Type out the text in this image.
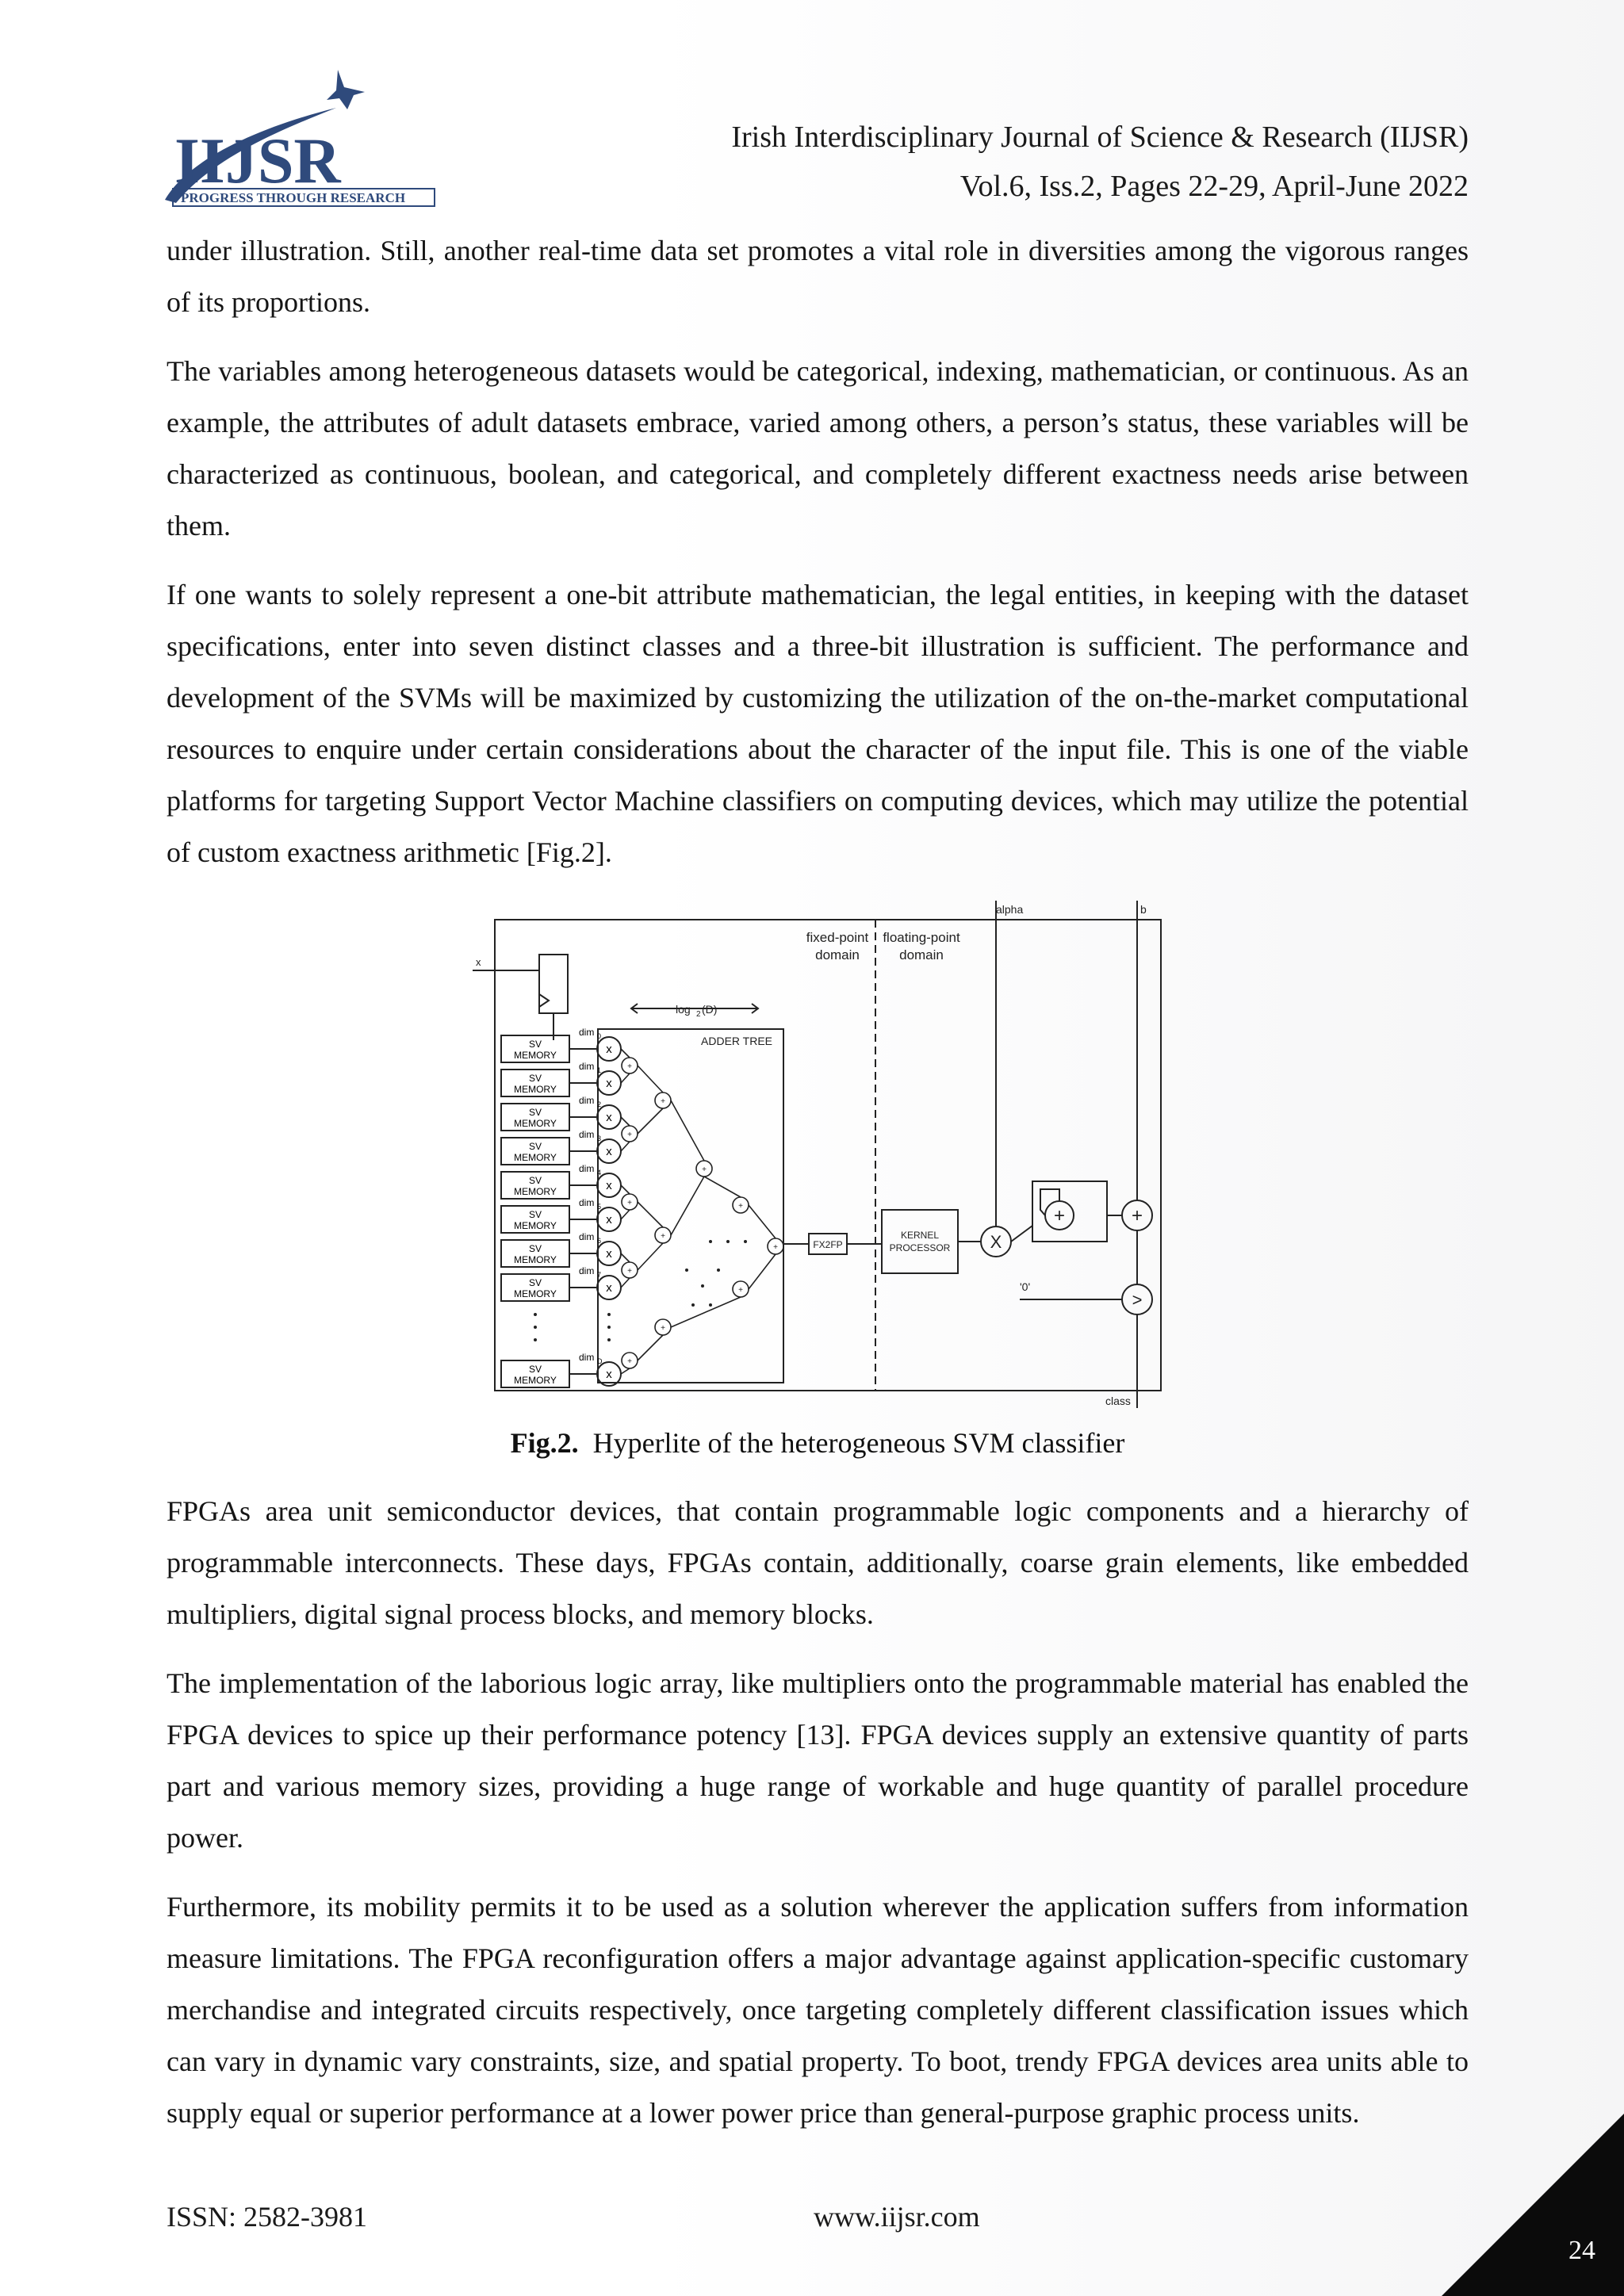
IIJSR
PROGRESS THROUGH RESEARCH
Irish Interdisciplinary Journal of Science & Research (IIJSR)
Vol.6, Iss.2, Pages 22-29, April-June 2022

under illustration. Still, another real-time data set promotes a vital role in diversities among the vigorous ranges of its proportions.

The variables among heterogeneous datasets would be categorical, indexing, mathematician, or continuous. As an example, the attributes of adult datasets embrace, varied among others, a person’s status, these variables will be characterized as continuous, boolean, and categorical, and completely different exactness needs arise between them.

If one wants to solely represent a one-bit attribute mathematician, the legal entities, in keeping with the dataset specifications, enter into seven distinct classes and a three-bit illustration is sufficient. The performance and development of the SVMs will be maximized by customizing the utilization of the on-the-market computational resources to enquire under certain considerations about the character of the input file. This is one of the viable platforms for targeting Support Vector Machine classifiers on computing devices, which may utilize the potential of custom exactness arithmetic [Fig.2].

SV
MEMORY	x
dim 0
SV
MEMORY	x
dim 1
SV
MEMORY	x
dim 2
SV
MEMORY	x
dim 3
SV
MEMORY	x
dim 4
SV
MEMORY	x
dim 5
SV
MEMORY	x
dim 6
SV
MEMORY	x
dim 7
SV
MEMORY	x
dim D
+
+
+
+
+
+
+
+
+
+
+
+
alpha	b
x
fixed-point
domain
floating-point
domain
log 2 (D)
ADDER TREE
FX2FP
KERNEL
PROCESSOR X
+	+
>
'0'
class
Fig.2. Hyperlite of the heterogeneous SVM classifier

FPGAs area unit semiconductor devices, that contain programmable logic components and a hierarchy of programmable interconnects. These days, FPGAs contain, additionally, coarse grain elements, like embedded multipliers, digital signal process blocks, and memory blocks.

The implementation of the laborious logic array, like multipliers onto the programmable material has enabled the FPGA devices to spice up their performance potency [13]. FPGA devices supply an extensive quantity of parts part and various memory sizes, providing a huge range of workable and huge quantity of parallel procedure power.

Furthermore, its mobility permits it to be used as a solution wherever the application suffers from information measure limitations. The FPGA reconfiguration offers a major advantage against application-specific customary merchandise and integrated circuits respectively, once targeting completely different classification issues which can vary in dynamic vary constraints, size, and spatial property. To boot, trendy FPGA devices area units able to supply equal or superior performance at a lower power price than general-purpose graphic process units.

ISSN: 2582-3981	www.iijsr.com
24
